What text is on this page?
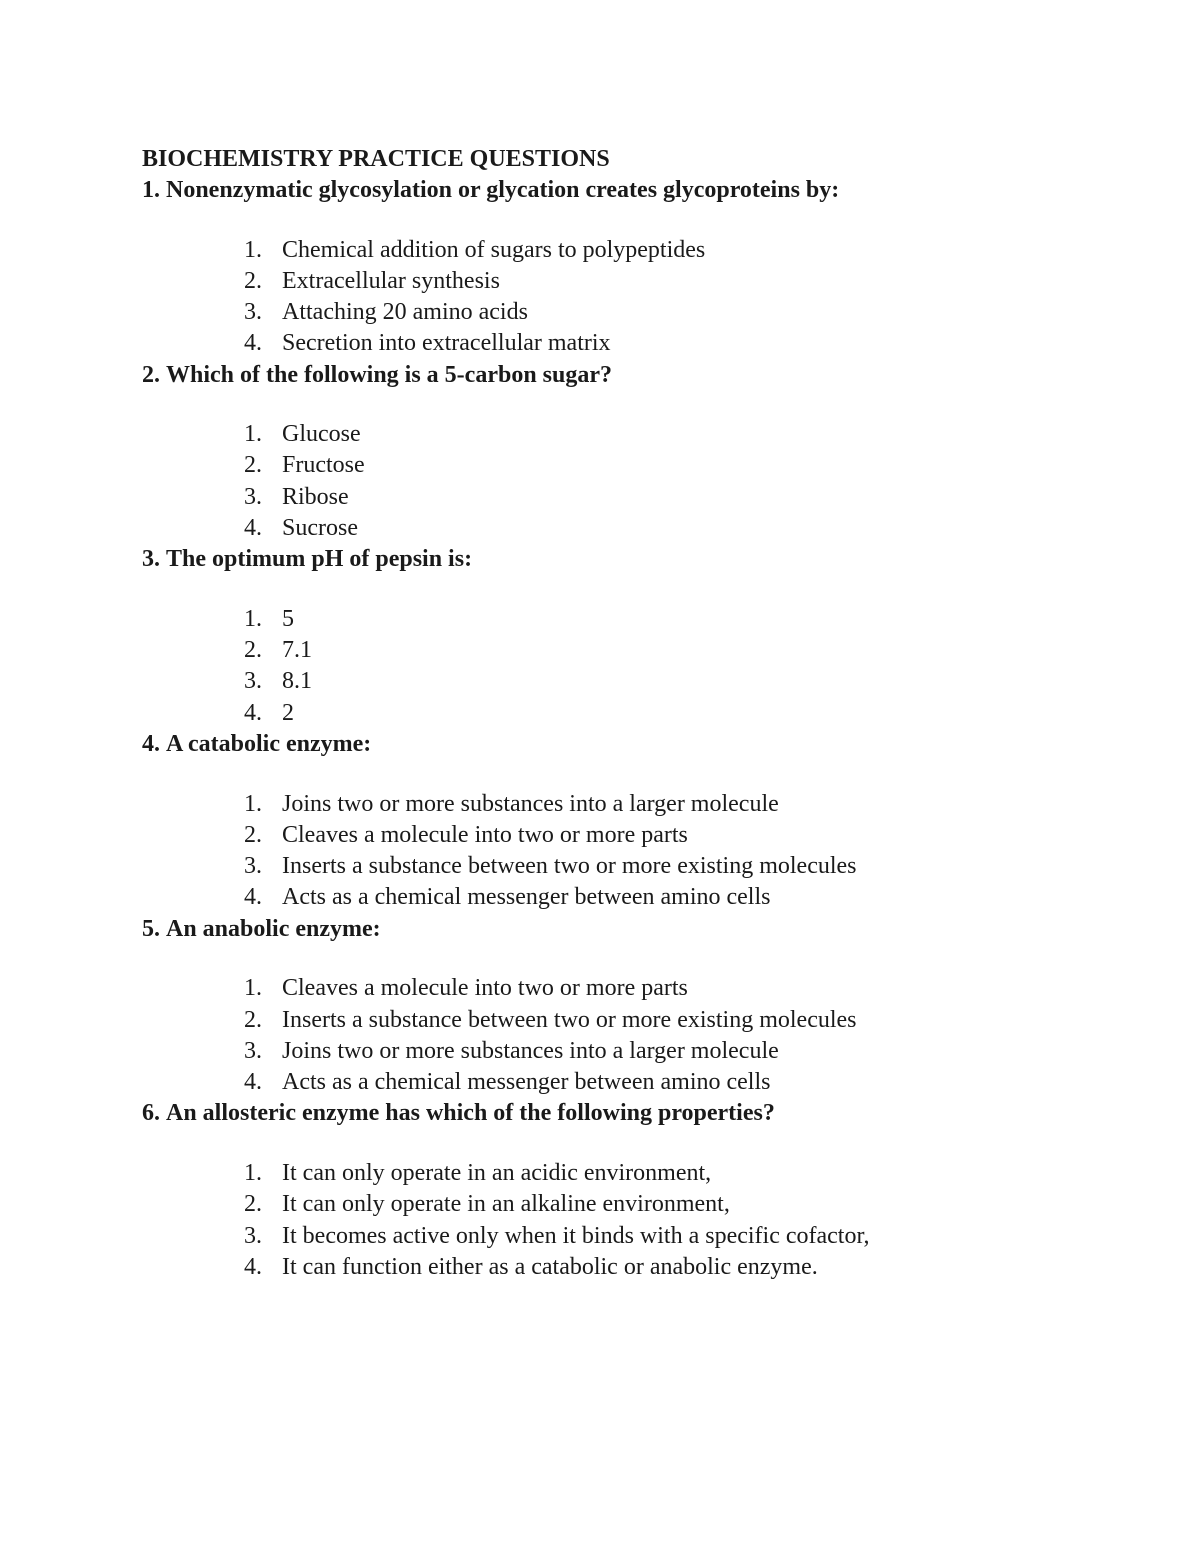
BIOCHEMISTRY PRACTICE QUESTIONS

1. Nonenzymatic glycosylation or glycation creates glycoproteins by:

1. Chemical addition of sugars to polypeptides
2. Extracellular synthesis
3. Attaching 20 amino acids
4. Secretion into extracellular matrix

2. Which of the following is a 5-carbon sugar?

1. Glucose
2. Fructose
3. Ribose
4. Sucrose

3. The optimum pH of pepsin is:

1. 5
2. 7.1
3. 8.1
4. 2

4. A catabolic enzyme:

1. Joins two or more substances into a larger molecule
2. Cleaves a molecule into two or more parts
3. Inserts a substance between two or more existing molecules
4. Acts as a chemical messenger between amino cells

5. An anabolic enzyme:

1. Cleaves a molecule into two or more parts
2. Inserts a substance between two or more existing molecules
3. Joins two or more substances into a larger molecule
4. Acts as a chemical messenger between amino cells

6. An allosteric enzyme has which of the following properties?

1. It can only operate in an acidic environment,
2. It can only operate in an alkaline environment,
3. It becomes active only when it binds with a specific cofactor,
4. It can function either as a catabolic or anabolic enzyme.
